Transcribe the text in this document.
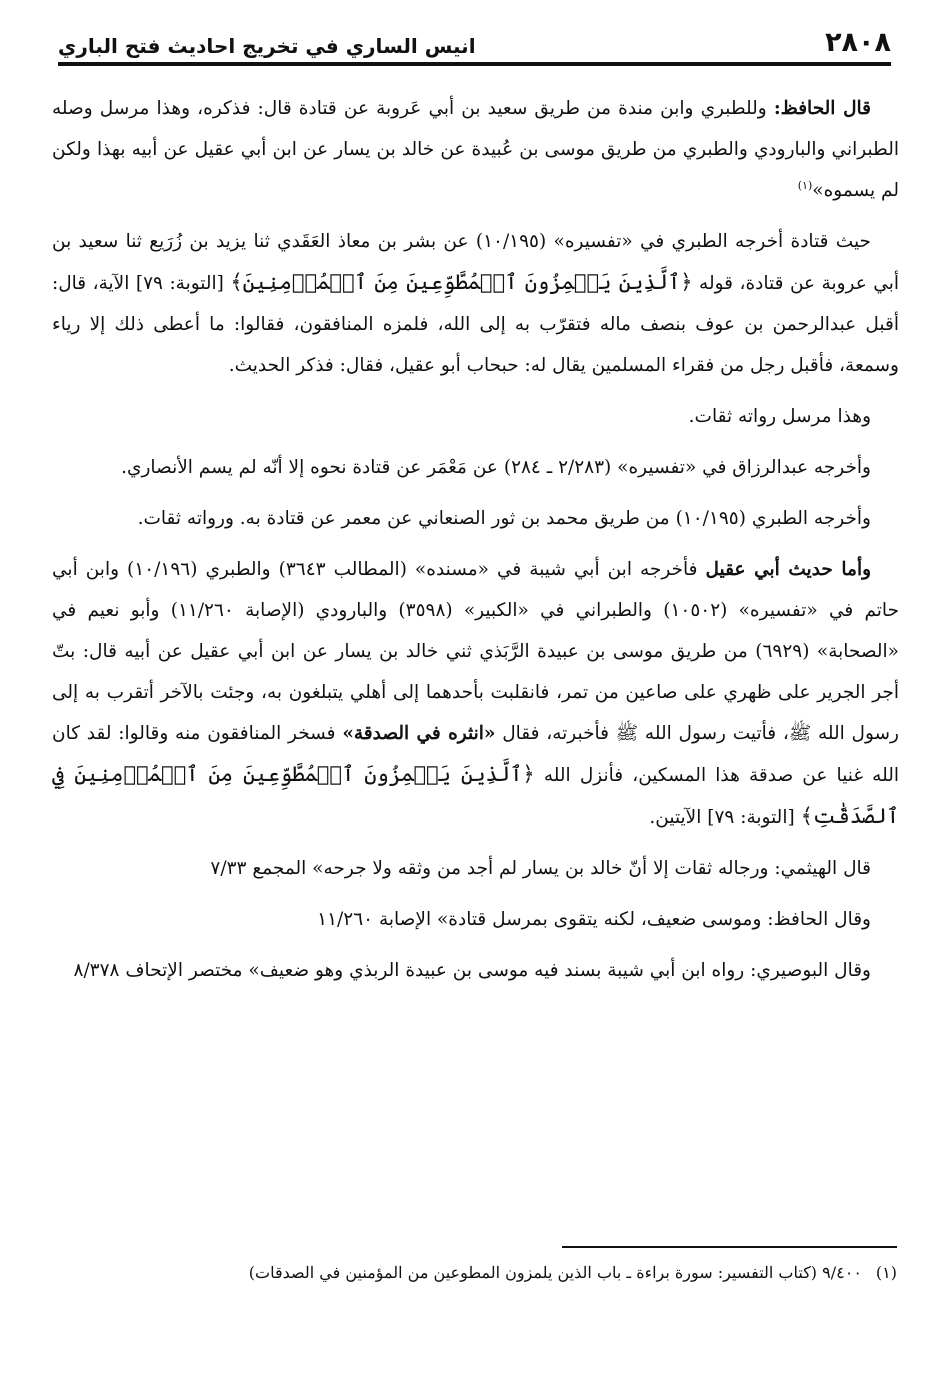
٢٨٠٨
انيس الساري في تخريج احاديث فتح الباري

قال الحافظ: وللطبري وابن مندة من طريق سعيد بن أبي عَروبة عن قتادة قال: فذكره، وهذا مرسل وصله الطبراني والبارودي والطبري من طريق موسى بن عُبيدة عن خالد بن يسار عن ابن أبي عقيل عن أبيه بهذا ولكن لم يسموه»$^{(١)}$

حيث قتادة أخرجه الطبري في «تفسيره» (١٠/١٩٥) عن بشر بن معاذ العَقَدي ثنا يزيد بن زُرَيع ثنا سعيد بن أبي عروبة عن قتادة، قوله ﴿ٱلَّذِينَ يَلۡمِزُونَ ٱلۡمُطَّوِّعِينَ مِنَ ٱلۡمُؤۡمِنِينَ﴾ [التوبة: ٧٩] الآية، قال: أقبل عبدالرحمن بن عوف بنصف ماله فتقرّب به إلى الله، فلمزه المنافقون، فقالوا: ما أعطى ذلك إلا رياء وسمعة، فأقبل رجل من فقراء المسلمين يقال له: حبحاب أبو عقيل، فقال: فذكر الحديث.

وهذا مرسل رواته ثقات.

وأخرجه عبدالرزاق في «تفسيره» (٢/٢٨٣ ـ ٢٨٤) عن مَعْمَر عن قتادة نحوه إلا أنّه لم يسم الأنصاري.

وأخرجه الطبري (١٠/١٩٥) من طريق محمد بن ثور الصنعاني عن معمر عن قتادة به. ورواته ثقات.

وأما حديث أبي عقيل فأخرجه ابن أبي شيبة في «مسنده» (المطالب ٣٦٤٣) والطبري (١٠/١٩٦) وابن أبي حاتم في «تفسيره» (١٠٥٠٢) والطبراني في «الكبير» (٣٥٩٨) والبارودي (الإصابة ١١/٢٦٠) وأبو نعيم في «الصحابة» (٦٩٢٩) من طريق موسى بن عبيدة الرَّبَذي ثني خالد بن يسار عن ابن أبي عقيل عن أبيه قال: بتّ أجر الجرير على ظهري على صاعين من تمر، فانقلبت بأحدهما إلى أهلي يتبلغون به، وجئت بالآخر أتقرب به إلى رسول الله ﷺ، فأتيت رسول الله ﷺ فأخبرته، فقال «انثره في الصدقة» فسخر المنافقون منه وقالوا: لقد كان الله غنيا عن صدقة هذا المسكين، فأنزل الله ﴿ٱلَّذِينَ يَلۡمِزُونَ ٱلۡمُطَّوِّعِينَ مِنَ ٱلۡمُؤۡمِنِينَ فِي ٱلصَّدَقَٰتِ﴾ [التوبة: ٧٩] الآيتين.

قال الهيثمي: ورجاله ثقات إلا أنّ خالد بن يسار لم أجد من وثقه ولا جرحه» المجمع ٧/٣٣

وقال الحافظ: وموسى ضعيف، لكنه يتقوى بمرسل قتادة» الإصابة ١١/٢٦٠

وقال البوصيري: رواه ابن أبي شيبة بسند فيه موسى بن عبيدة الربذي وهو ضعيف» مختصر الإتحاف ٨/٣٧٨

(١)٩/٤٠٠ (كتاب التفسير: سورة براءة ـ باب الذين يلمزون المطوعين من المؤمنين في الصدقات)
